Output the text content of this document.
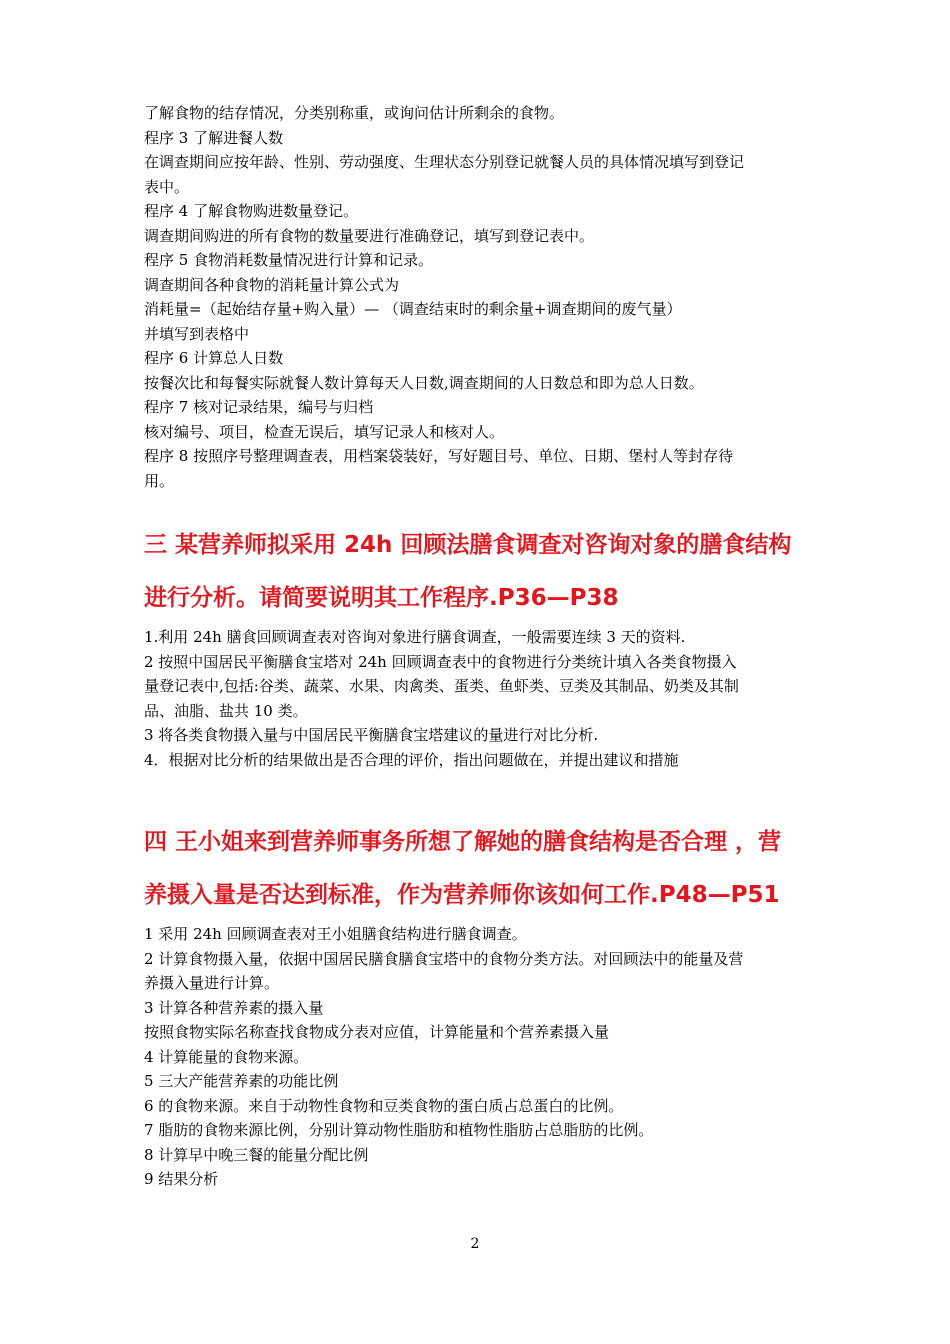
了解食物的结存情况，分类别称重，或询问估计所剩余的食物。
程序 3 了解进餐人数
在调查期间应按年龄、性别、劳动强度、生理状态分别登记就餐人员的具体情况填写到登记
表中。
程序 4 了解食物购进数量登记。
调查期间购进的所有食物的数量要进行准确登记，填写到登记表中。
程序 5 食物消耗数量情况进行计算和记录。
调查期间各种食物的消耗量计算公式为
消耗量=（起始结存量+购入量）— （调查结束时的剩余量+调查期间的废气量）
并填写到表格中
程序 6 计算总人日数
按餐次比和每餐实际就餐人数计算每天人日数,调查期间的人日数总和即为总人日数。
程序 7 核对记录结果，编号与归档
核对编号、项目，检查无误后，填写记录人和核对人。
程序 8 按照序号整理调查表，用档案袋装好，写好题目号、单位、日期、堡村人等封存待
用。
三 某营养师拟采用 24h 回顾法膳食调查对咨询对象的膳食结构
进行分析。请简要说明其工作程序.P36—P38
1.利用 24h 膳食回顾调查表对咨询对象进行膳食调查，一般需要连续 3 天的资料.
2 按照中国居民平衡膳食宝塔对 24h 回顾调查表中的食物进行分类统计填入各类食物摄入
量登记表中,包括:谷类、蔬菜、水果、肉禽类、蛋类、鱼虾类、豆类及其制品、奶类及其制
品、油脂、盐共 10 类。
3 将各类食物摄入量与中国居民平衡膳食宝塔建议的量进行对比分析.
4．根据对比分析的结果做出是否合理的评价，指出问题做在，并提出建议和措施
四 王小姐来到营养师事务所想了解她的膳食结构是否合理 ，营
养摄入量是否达到标准，作为营养师你该如何工作.P48—P51
1 采用 24h 回顾调查表对王小姐膳食结构进行膳食调查。
2 计算食物摄入量，依据中国居民膳食膳食宝塔中的食物分类方法。对回顾法中的能量及营
养摄入量进行计算。
3 计算各种营养素的摄入量
按照食物实际名称查找食物成分表对应值，计算能量和个营养素摄入量
4 计算能量的食物来源。
5 三大产能营养素的功能比例
6 的食物来源。来自于动物性食物和豆类食物的蛋白质占总蛋白的比例。
7 脂肪的食物来源比例，分别计算动物性脂肪和植物性脂肪占总脂肪的比例。
8 计算早中晚三餐的能量分配比例
9 结果分析
2
